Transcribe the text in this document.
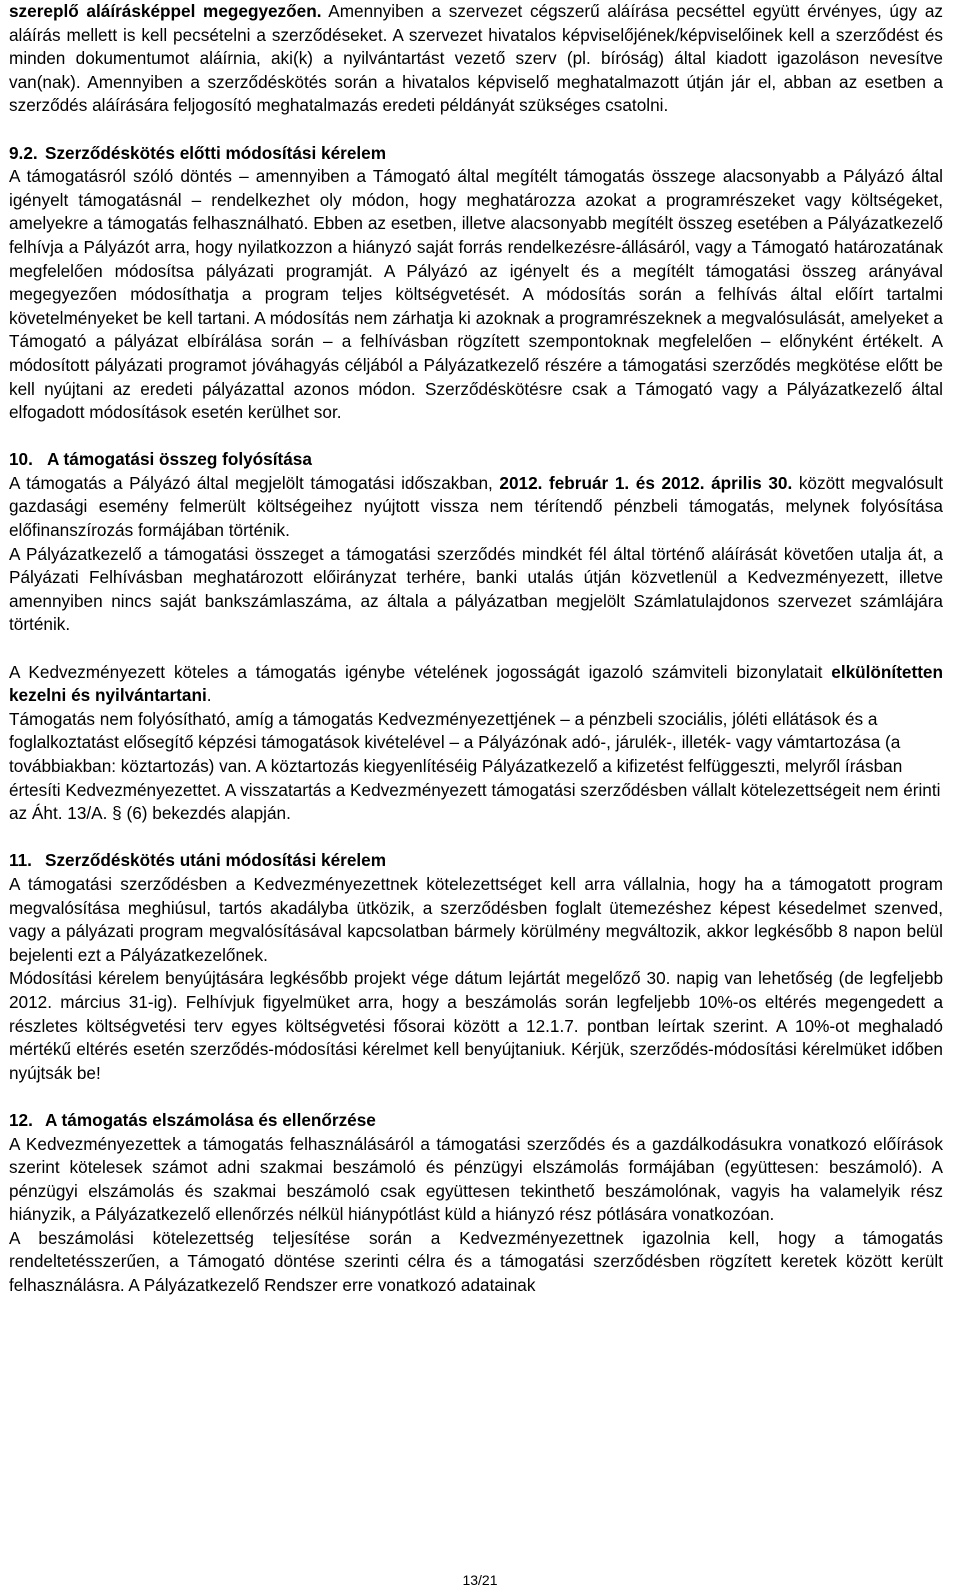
szereplő aláírásképpel megegyezően. Amennyiben a szervezet cégszerű aláírása pecséttel együtt érvényes, úgy az aláírás mellett is kell pecsételni a szerződéseket. A szervezet hivatalos képviselőjének/képviselőinek kell a szerződést és minden dokumentumot aláírnia, aki(k) a nyilvántartást vezető szerv (pl. bíróság) által kiadott igazoláson nevesítve van(nak). Amennyiben a szerződéskötés során a hivatalos képviselő meghatalmazott útján jár el, abban az esetben a szerződés aláírására feljogosító meghatalmazás eredeti példányát szükséges csatolni.

9.2. Szerződéskötés előtti módosítási kérelem

A támogatásról szóló döntés – amennyiben a Támogató által megítélt támogatás összege alacsonyabb a Pályázó által igényelt támogatásnál – rendelkezhet oly módon, hogy meghatározza azokat a programrészeket vagy költségeket, amelyekre a támogatás felhasználható. Ebben az esetben, illetve alacsonyabb megítélt összeg esetében a Pályázatkezelő felhívja a Pályázót arra, hogy nyilatkozzon a hiányzó saját forrás rendelkezésre-állásáról, vagy a Támogató határozatának megfelelően módosítsa pályázati programját. A Pályázó az igényelt és a megítélt támogatási összeg arányával megegyezően módosíthatja a program teljes költségvetését. A módosítás során a felhívás által előírt tartalmi követelményeket be kell tartani. A módosítás nem zárhatja ki azoknak a programrészeknek a megvalósulását, amelyeket a Támogató a pályázat elbírálása során – a felhívásban rögzített szempontoknak megfelelően – előnyként értékelt. A módosított pályázati programot jóváhagyás céljából a Pályázatkezelő részére a támogatási szerződés megkötése előtt be kell nyújtani az eredeti pályázattal azonos módon. Szerződéskötésre csak a Támogató vagy a Pályázatkezelő által elfogadott módosítások esetén kerülhet sor.

10. A támogatási összeg folyósítása

A támogatás a Pályázó által megjelölt támogatási időszakban, 2012. február 1. és 2012. április 30. között megvalósult gazdasági esemény felmerült költségeihez nyújtott vissza nem térítendő pénzbeli támogatás, melynek folyósítása előfinanszírozás formájában történik.

A Pályázatkezelő a támogatási összeget a támogatási szerződés mindkét fél által történő aláírását követően utalja át, a Pályázati Felhívásban meghatározott előirányzat terhére, banki utalás útján közvetlenül a Kedvezményezett, illetve amennyiben nincs saját bankszámlaszáma, az általa a pályázatban megjelölt Számlatulajdonos szervezet számlájára történik.

A Kedvezményezett köteles a támogatás igénybe vételének jogosságát igazoló számviteli bizonylatait elkülönítetten kezelni és nyilvántartani.

Támogatás nem folyósítható, amíg a támogatás Kedvezményezettjének – a pénzbeli szociális, jóléti ellátások és a foglalkoztatást elősegítő képzési támogatások kivételével – a Pályázónak adó-, járulék-, illeték- vagy vámtartozása (a továbbiakban: köztartozás) van. A köztartozás kiegyenlítéséig Pályázatkezelő a kifizetést felfüggeszti, melyről írásban értesíti Kedvezményezettet. A visszatartás a Kedvezményezett támogatási szerződésben vállalt kötelezettségeit nem érinti az Áht. 13/A. § (6) bekezdés alapján.

11. Szerződéskötés utáni módosítási kérelem

A támogatási szerződésben a Kedvezményezettnek kötelezettséget kell arra vállalnia, hogy ha a támogatott program megvalósítása meghiúsul, tartós akadályba ütközik, a szerződésben foglalt ütemezéshez képest késedelmet szenved, vagy a pályázati program megvalósításával kapcsolatban bármely körülmény megváltozik, akkor legkésőbb 8 napon belül bejelenti ezt a Pályázatkezelőnek.

Módosítási kérelem benyújtására legkésőbb projekt vége dátum lejártát megelőző 30. napig van lehetőség (de legfeljebb 2012. március 31-ig). Felhívjuk figyelmüket arra, hogy a beszámolás során legfeljebb 10%-os eltérés megengedett a részletes költségvetési terv egyes költségvetési fősorai között a 12.1.7. pontban leírtak szerint. A 10%-ot meghaladó mértékű eltérés esetén szerződés-módosítási kérelmet kell benyújtaniuk. Kérjük, szerződés-módosítási kérelmüket időben nyújtsák be!

12. A támogatás elszámolása és ellenőrzése

A Kedvezményezettek a támogatás felhasználásáról a támogatási szerződés és a gazdálkodásukra vonatkozó előírások szerint kötelesek számot adni szakmai beszámoló és pénzügyi elszámolás formájában (együttesen: beszámoló). A pénzügyi elszámolás és szakmai beszámoló csak együttesen tekinthető beszámolónak, vagyis ha valamelyik rész hiányzik, a Pályázatkezelő ellenőrzés nélkül hiánypótlást küld a hiányzó rész pótlására vonatkozóan.

A beszámolási kötelezettség teljesítése során a Kedvezményezettnek igazolnia kell, hogy a támogatás rendeltetésszerűen, a Támogató döntése szerinti célra és a támogatási szerződésben rögzített keretek között került felhasználásra. A Pályázatkezelő Rendszer erre vonatkozó adatainak

13/21
